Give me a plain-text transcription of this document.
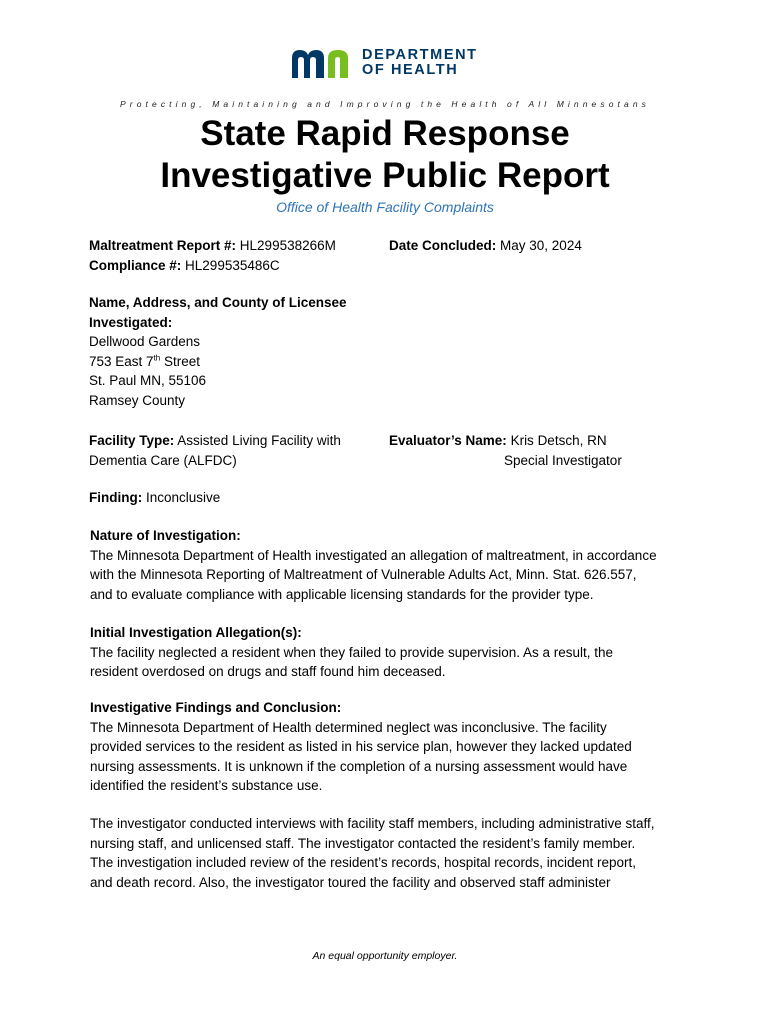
DEPARTMENT
OF HEALTH
Protecting, Maintaining and Improving the Health of All Minnesotans
State Rapid Response
Investigative Public Report
Office of Health Facility Complaints
Maltreatment Report #: HL299538266M
Compliance #: HL299535486C
Date Concluded: May 30, 2024
Name, Address, and County of Licensee
Investigated:
Dellwood Gardens
753 East 7th Street
St. Paul MN, 55106
Ramsey County
Facility Type: Assisted Living Facility with
Dementia Care (ALFDC)
Evaluator’s Name: Kris Detsch, RN
Special Investigator
Finding: Inconclusive
Nature of Investigation:
The Minnesota Department of Health investigated an allegation of maltreatment, in accordance
with the Minnesota Reporting of Maltreatment of Vulnerable Adults Act, Minn. Stat. 626.557,
and to evaluate compliance with applicable licensing standards for the provider type.
Initial Investigation Allegation(s):
The facility neglected a resident when they failed to provide supervision. As a result, the
resident overdosed on drugs and staff found him deceased.
Investigative Findings and Conclusion:
The Minnesota Department of Health determined neglect was inconclusive. The facility
provided services to the resident as listed in his service plan, however they lacked updated
nursing assessments. It is unknown if the completion of a nursing assessment would have
identified the resident’s substance use.
The investigator conducted interviews with facility staff members, including administrative staff,
nursing staff, and unlicensed staff. The investigator contacted the resident’s family member.
The investigation included review of the resident’s records, hospital records, incident report,
and death record. Also, the investigator toured the facility and observed staff administer
An equal opportunity employer.
